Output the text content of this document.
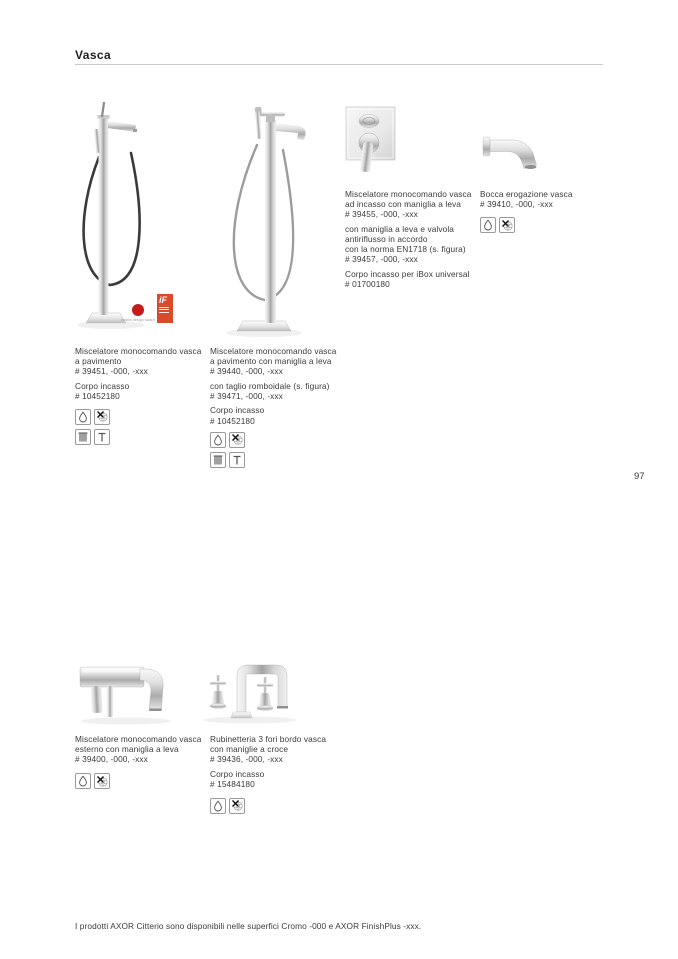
Vasca
97
reddot design award
iF

Miscelatore monocomando vasca
a pavimento
# 39451, -000, -xxx

Corpo incasso
# 10452180

Miscelatore monocomando vasca
a pavimento con maniglia a leva
# 39440, -000, -xxx

con taglio romboidale (s. figura)
# 39471, -000, -xxx

Corpo incasso
# 10452180

Miscelatore monocomando vasca
ad incasso con maniglia a leva
# 39455, -000, -xxx

con maniglia a leva e valvola
antiriflusso in accordo
con la norma EN1718 (s. figura)
# 39457, -000, -xxx

Corpo incasso per iBox universal
# 01700180

Bocca erogazione vasca
# 39410, -000, -xxx

Miscelatore monocomando vasca
esterno con maniglia a leva
# 39400, -000, -xxx

Rubinetteria 3 fori bordo vasca
con maniglie a croce
# 39436, -000, -xxx

Corpo incasso
# 15484180

I prodotti AXOR Citterio sono disponibili nelle superfici Cromo -000 e AXOR FinishPlus -xxx.
